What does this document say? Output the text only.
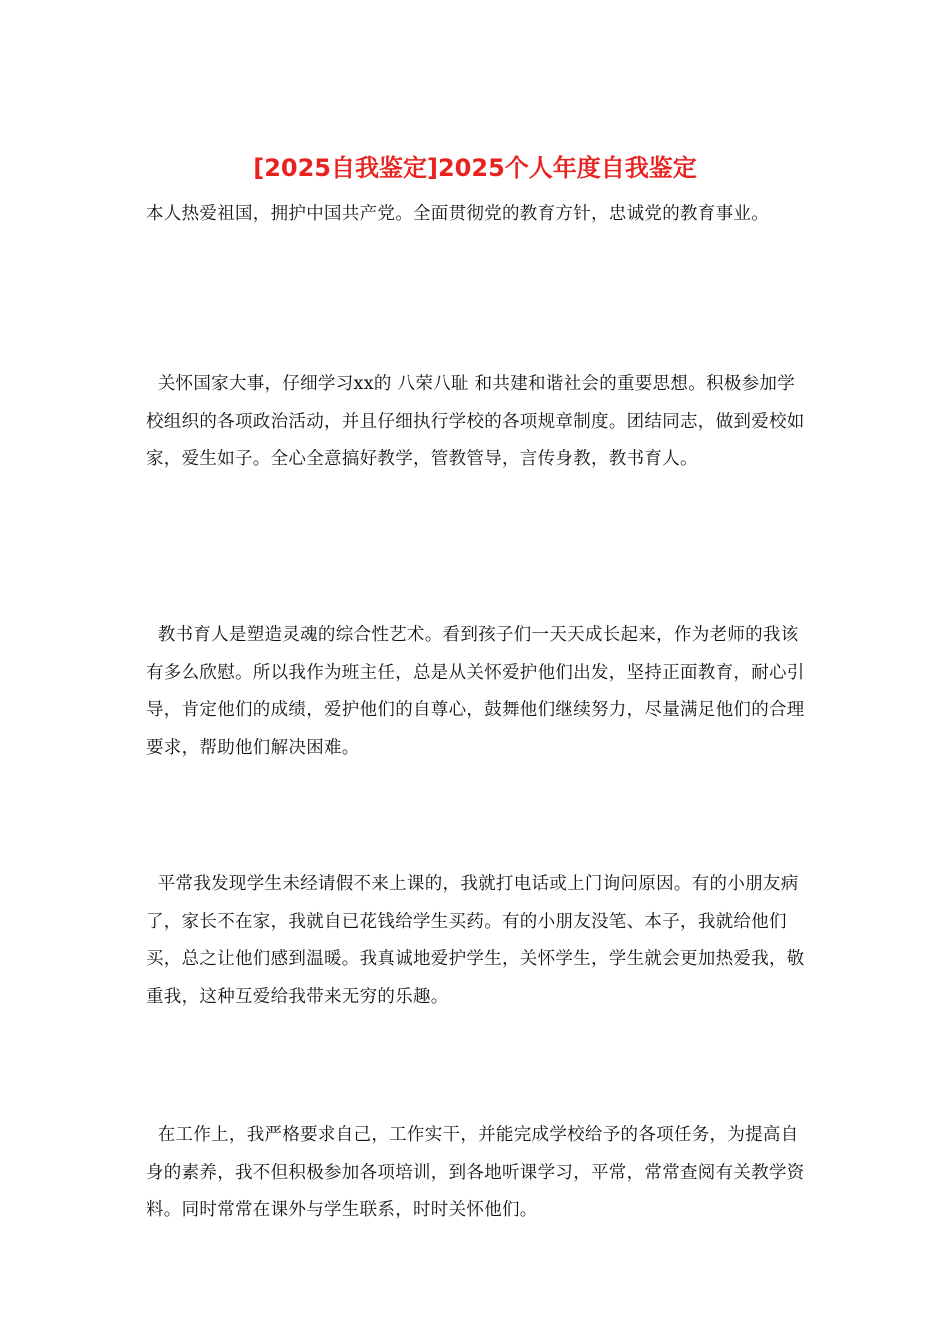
[2025自我鉴定]2025个人年度自我鉴定

本人热爱祖国，拥护中国共产党。全面贯彻党的教育方针，忠诚党的教育事业。

关怀国家大事，仔细学习xx的 八荣八耻 和共建和谐社会的重要思想。积极参加学校组织的各项政治活动，并且仔细执行学校的各项规章制度。团结同志，做到爱校如家，爱生如子。全心全意搞好教学，管教管导，言传身教，教书育人。

教书育人是塑造灵魂的综合性艺术。看到孩子们一天天成长起来，作为老师的我该有多么欣慰。所以我作为班主任，总是从关怀爱护他们出发，坚持正面教育，耐心引导，肯定他们的成绩，爱护他们的自尊心，鼓舞他们继续努力，尽量满足他们的合理要求，帮助他们解决困难。

平常我发现学生未经请假不来上课的，我就打电话或上门询问原因。有的小朋友病了，家长不在家，我就自已花钱给学生买药。有的小朋友没笔、本子，我就给他们买，总之让他们感到温暖。我真诚地爱护学生，关怀学生，学生就会更加热爱我，敬重我，这种互爱给我带来无穷的乐趣。

在工作上，我严格要求自己，工作实干，并能完成学校给予的各项任务，为提高自身的素养，我不但积极参加各项培训，到各地听课学习，平常，常常查阅有关教学资料。同时常常在课外与学生联系，时时关怀他们。
